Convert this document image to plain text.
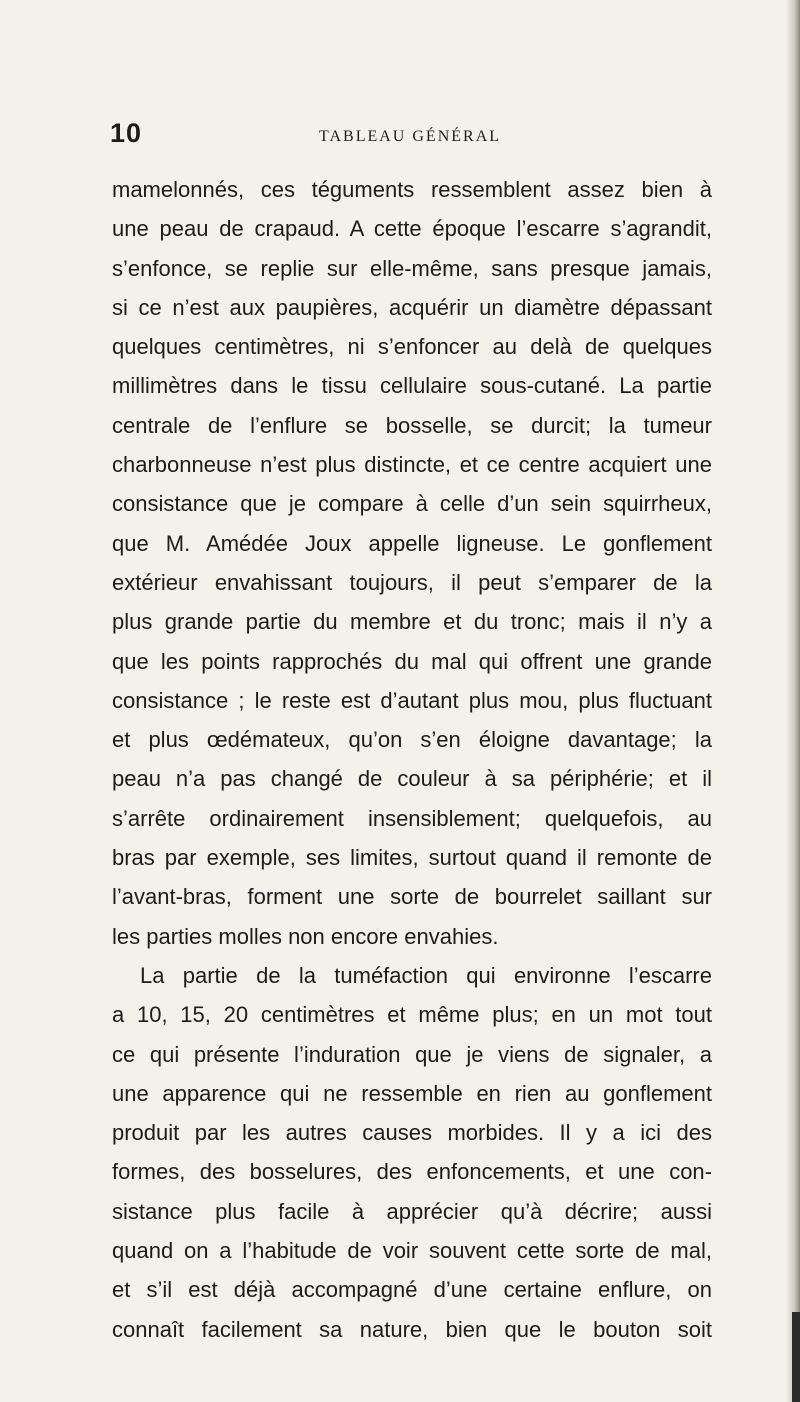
10	TABLEAU GÉNÉRAL
mamelonnés, ces téguments ressemblent assez bien à
une peau de crapaud. A cette époque l’escarre s’agrandit,
s’enfonce, se replie sur elle-même, sans presque jamais,
si ce n’est aux paupières, acquérir un diamètre dépassant
quelques centimètres, ni s’enfoncer au delà de quelques
millimètres dans le tissu cellulaire sous-cutané. La partie
centrale de l’enflure se bosselle, se durcit; la tumeur
charbonneuse n’est plus distincte, et ce centre acquiert une
consistance que je compare à celle d’un sein squirrheux,
que M. Amédée Joux appelle ligneuse. Le gonflement
extérieur envahissant toujours, il peut s’emparer de la
plus grande partie du membre et du tronc; mais il n’y a
que les points rapprochés du mal qui offrent une grande
consistance ; le reste est d’autant plus mou, plus fluctuant
et plus œdémateux, qu’on s’en éloigne davantage; la
peau n’a pas changé de couleur à sa périphérie; et il
s’arrête ordinairement insensiblement; quelquefois, au
bras par exemple, ses limites, surtout quand il remonte de
l’avant-bras, forment une sorte de bourrelet saillant sur
les parties molles non encore envahies.
La partie de la tuméfaction qui environne l’escarre
a 10, 15, 20 centimètres et même plus; en un mot tout
ce qui présente l’induration que je viens de signaler, a
une apparence qui ne ressemble en rien au gonflement
produit par les autres causes morbides. Il y a ici des
formes, des bosselures, des enfoncements, et une con-
sistance plus facile à apprécier qu’à décrire; aussi
quand on a l’habitude de voir souvent cette sorte de mal,
et s’il est déjà accompagné d’une certaine enflure, on
connaît facilement sa nature, bien que le bouton soit
